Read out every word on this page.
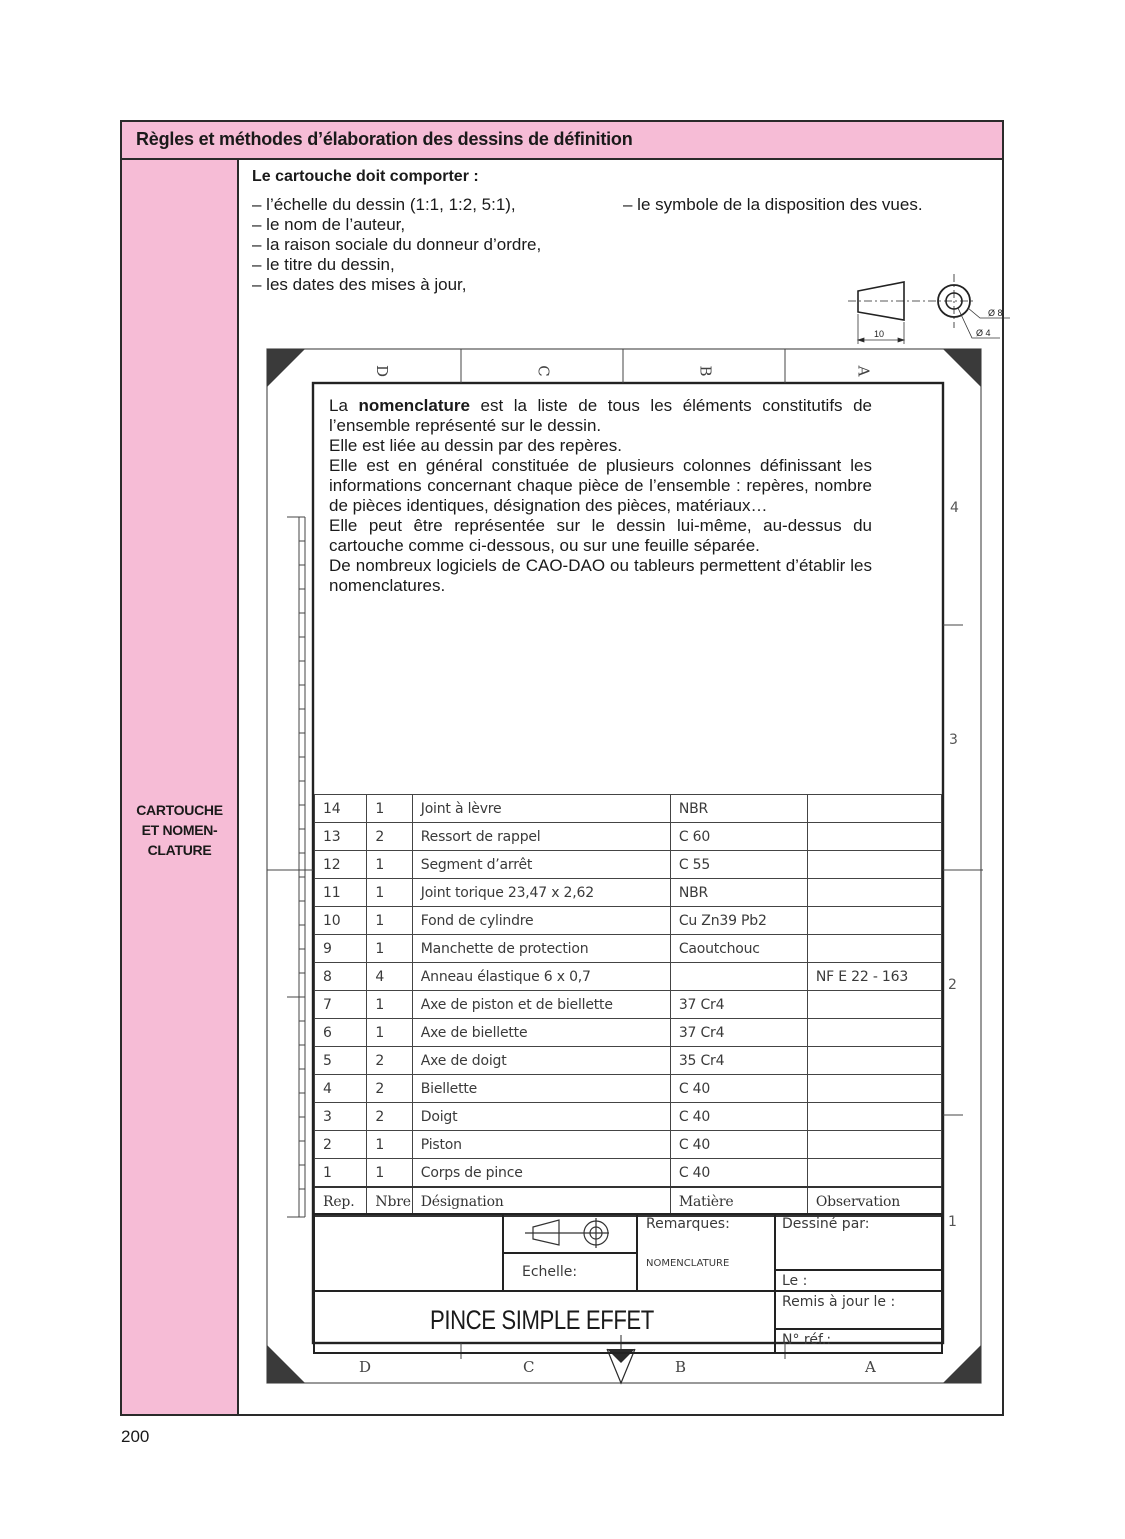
Règles et méthodes d’élaboration des dessins de définition
CARTOUCHE
ET NOMEN-
CLATURE
Le cartouche doit comporter :
– l’échelle du dessin (1:1, 1:2, 5:1),
– le nom de l’auteur,
– la raison sociale du donneur d’ordre,
– le titre du dessin,
– les dates des mises à jour,
– le symbole de la disposition des vues.
10
Ø 8
Ø 4
D	C	B	A
D	C	B	A
4
3
2
1

La nomenclature est la liste de tous les éléments constitutifs de l’ensemble représenté sur le dessin.

Elle est liée au dessin par des repères.

Elle est en général constituée de plusieurs colonnes définissant les informations concernant chaque pièce de l’ensemble : repères, nombre de pièces identiques, désignation des pièces, matériaux…

Elle peut être représentée sur le dessin lui-même, au-dessus du cartouche comme ci-dessous, ou sur une feuille séparée.

De nombreux logiciels de CAO-DAO ou tableurs permettent d’établir les nomenclatures.

14	1	Joint à lèvre	NBR	
13	2	Ressort de rappel	C 60	
12	1	Segment d’arrêt	C 55	
11	1	Joint torique 23,47 x 2,62	NBR	
10	1	Fond de cylindre	Cu Zn39 Pb2	
9	1	Manchette de protection	Caoutchouc	
8	4	Anneau élastique 6 x 0,7		NF E 22 - 163
7	1	Axe de piston et de biellette	37 Cr4	
6	1	Axe de biellette	37 Cr4	
5	2	Axe de doigt	35 Cr4	
4	2	Biellette	C 40	
3	2	Doigt	C 40	
2	1	Piston	C 40	
1	1	Corps de pince	C 40	
Rep.	Nbre	Désignation	Matière	Observation
Remarques:
NOMENCLATURE
Echelle:
Dessiné par:
Le :
Remis à jour le :
N° réf.:
PINCE SIMPLE EFFET
200
